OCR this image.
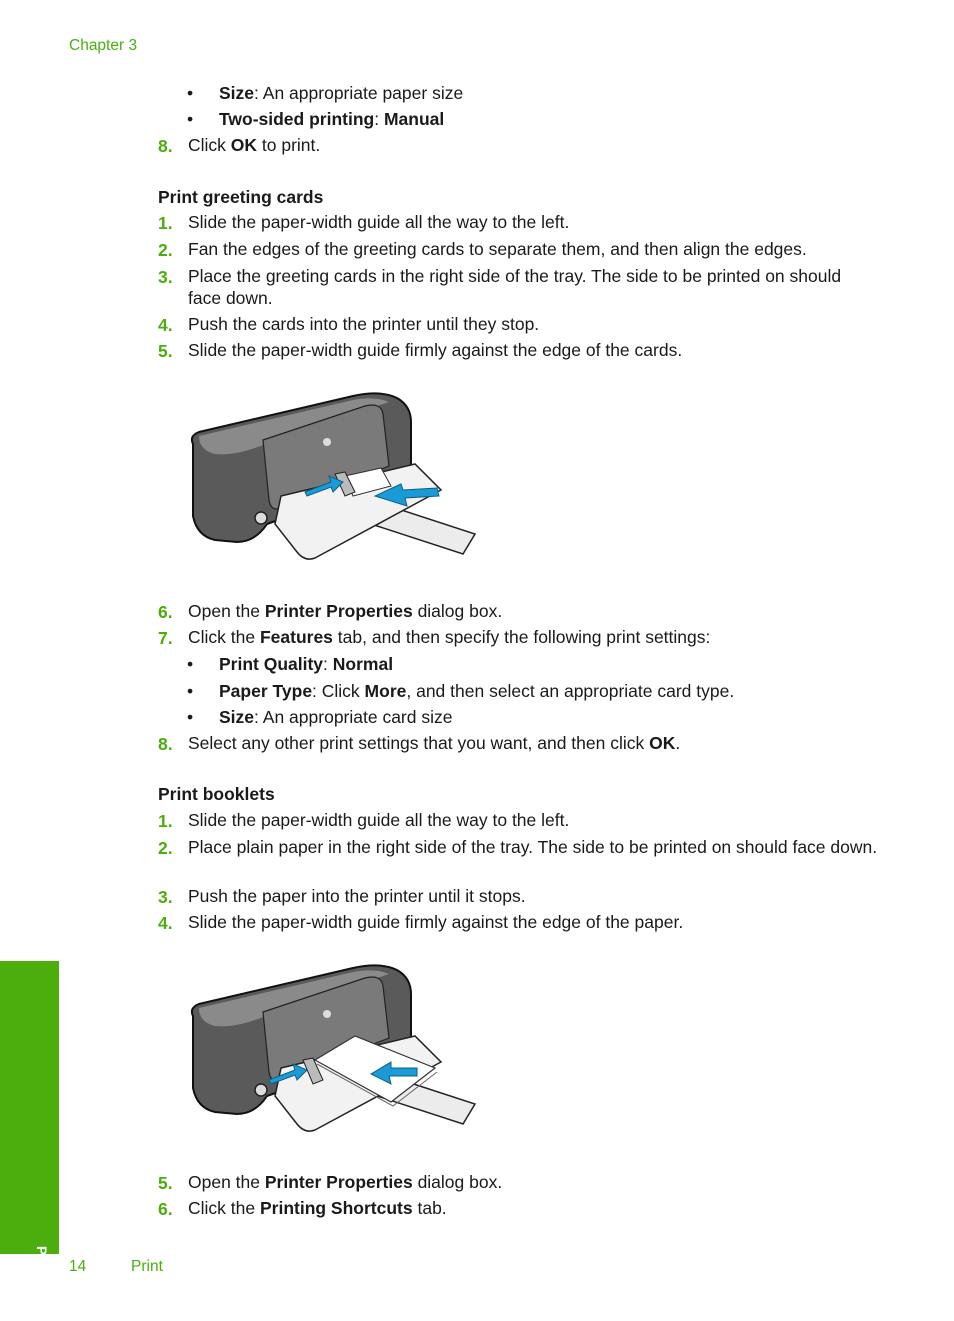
Chapter 3
• Size: An appropriate paper size
• Two-sided printing: Manual
8. Click OK to print.
Print greeting cards
1. Slide the paper-width guide all the way to the left.
2. Fan the edges of the greeting cards to separate them, and then align the edges.
3. Place the greeting cards in the right side of the tray. The side to be printed on should face down.
4. Push the cards into the printer until they stop.
5. Slide the paper-width guide firmly against the edge of the cards.
6. Open the Printer Properties dialog box.
7. Click the Features tab, and then specify the following print settings:
• Print Quality: Normal
• Paper Type: Click More, and then select an appropriate card type.
• Size: An appropriate card size
8. Select any other print settings that you want, and then click OK.
Print booklets
1. Slide the paper-width guide all the way to the left.
2. Place plain paper in the right side of the tray. The side to be printed on should face down.
3. Push the paper into the printer until it stops.
4. Slide the paper-width guide firmly against the edge of the paper.
5. Open the Printer Properties dialog box.
6. Click the Printing Shortcuts tab.
Print 14	Print
